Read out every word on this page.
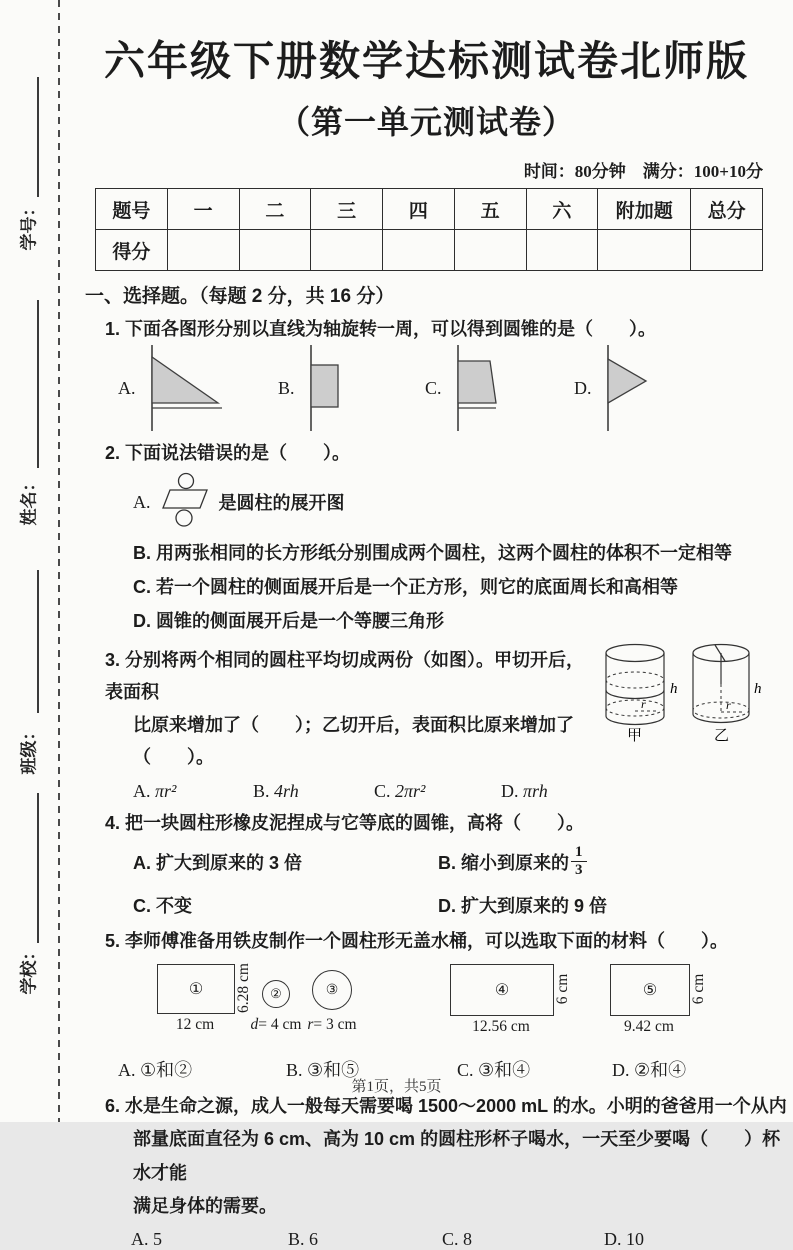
学号：
姓名：
班级：
学校：
六年级下册数学达标测试卷北师版
（第一单元测试卷）
时间：80分钟　满分：100+10分
题号	一	二	三	四	五	六	附加题	总分
得分								
一、选择题。（每题 2 分，共 16 分）

1. 下面各图形分别以直线为轴旋转一周，可以得到圆锥的是（　　）。

A.	B.	C.	D.

2. 下面说法错误的是（　　）。

A.	是圆柱的展开图

B. 用两张相同的长方形纸分别围成两个圆柱，这两个圆柱的体积不一定相等

C. 若一个圆柱的侧面展开后是一个正方形，则它的底面周长和高相等

D. 圆锥的侧面展开后是一个等腰三角形

3. 分别将两个相同的圆柱平均切成两份（如图）。甲切开后，表面积
比原来增加了（　　）；乙切开后，表面积比原来增加了（　　）。
A. πr²	B. 4rh	C. 2πr²	D. πrh
r
h
甲
r
h
乙

4. 把一块圆柱形橡皮泥捏成与它等底的圆锥，高将（　　）。

A. 扩大到原来的 3 倍	B. 缩小到原来的 $\frac{1}{3}$
C. 不变	D. 扩大到原来的 9 倍

5. 李师傅准备用铁皮制作一个圆柱形无盖水桶，可以选取下面的材料（　　）。

① 6.28 cm
12 cm
②
d= 4 cm
③
r= 3 cm
④	6 cm
12.56 cm
⑤ 6 cm
9.42 cm
A. ①和②	B. ③和⑤	C. ③和④	D. ②和④
6. 水是生命之源，成人一般每天需要喝 1500～2000 mL 的水。小明的爸爸用一个从内
部量底面直径为 6 cm、高为 10 cm 的圆柱形杯子喝水，一天至少要喝（　　）杯水才能
满足身体的需要。
A. 5	B. 6	C. 8	D. 10
第1页，共5页
